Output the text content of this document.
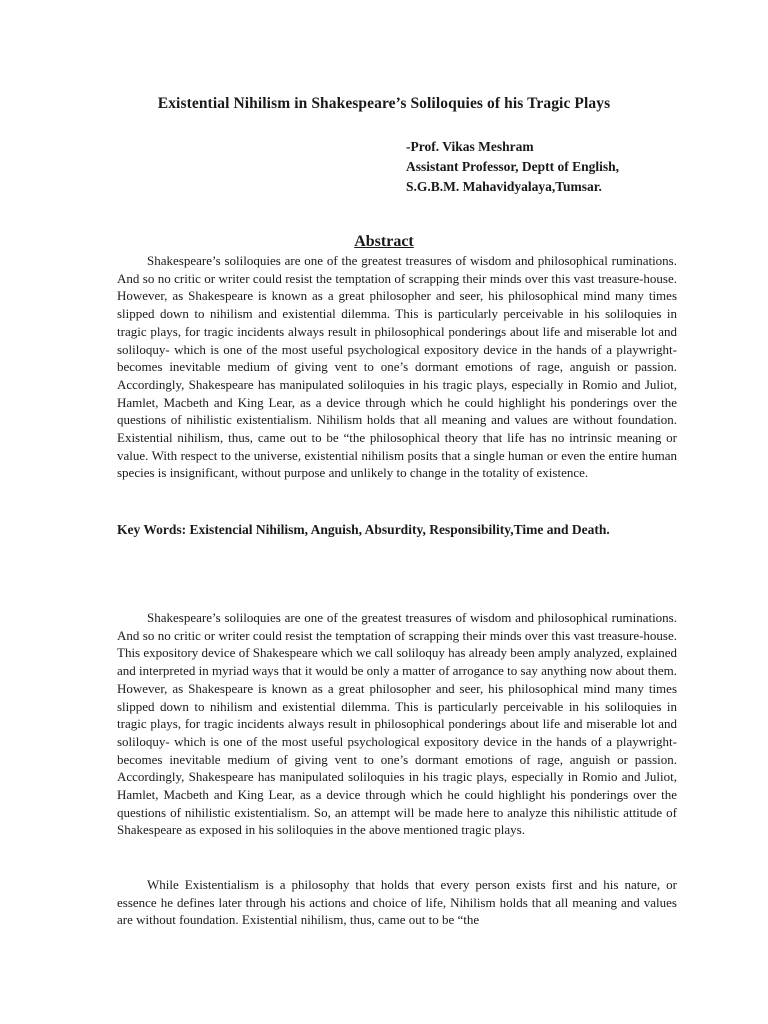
Existential Nihilism in Shakespeare’s Soliloquies of his Tragic Plays
-Prof. Vikas Meshram
Assistant Professor, Deptt of English,
S.G.B.M. Mahavidyalaya,Tumsar.
Abstract

Shakespeare’s soliloquies are one of the greatest treasures of wisdom and philosophical ruminations. And so no critic or writer could resist the temptation of scrapping their minds over this vast treasure-house. However, as Shakespeare is known as a great philosopher and seer, his philosophical mind many times slipped down to nihilism and existential dilemma. This is particularly perceivable in his soliloquies in tragic plays, for tragic incidents always result in philosophical ponderings about life and miserable lot and soliloquy- which is one of the most useful psychological expository device in the hands of a playwright- becomes inevitable medium of giving vent to one’s dormant emotions of rage, anguish or passion. Accordingly, Shakespeare has manipulated soliloquies in his tragic plays, especially in Romio and Juliot, Hamlet, Macbeth and King Lear, as a device through which he could highlight his ponderings over the questions of nihilistic existentialism. Nihilism holds that all meaning and values are without foundation. Existential nihilism, thus, came out to be “the philosophical theory that life has no intrinsic meaning or value. With respect to the universe, existential nihilism posits that a single human or even the entire human species is insignificant, without purpose and unlikely to change in the totality of existence.

Key Words: Existencial Nihilism, Anguish, Absurdity, Responsibility,Time and Death.

Shakespeare’s soliloquies are one of the greatest treasures of wisdom and philosophical ruminations. And so no critic or writer could resist the temptation of scrapping their minds over this vast treasure-house. This expository device of Shakespeare which we call soliloquy has already been amply analyzed, explained and interpreted in myriad ways that it would be only a matter of arrogance to say anything now about them. However, as Shakespeare is known as a great philosopher and seer, his philosophical mind many times slipped down to nihilism and existential dilemma. This is particularly perceivable in his soliloquies in tragic plays, for tragic incidents always result in philosophical ponderings about life and miserable lot and soliloquy- which is one of the most useful psychological expository device in the hands of a playwright- becomes inevitable medium of giving vent to one’s dormant emotions of rage, anguish or passion. Accordingly, Shakespeare has manipulated soliloquies in his tragic plays, especially in Romio and Juliot, Hamlet, Macbeth and King Lear, as a device through which he could highlight his ponderings over the questions of nihilistic existentialism. So, an attempt will be made here to analyze this nihilistic attitude of Shakespeare as exposed in his soliloquies in the above mentioned tragic plays.

While Existentialism is a philosophy that holds that every person exists first and his nature, or essence he defines later through his actions and choice of life, Nihilism holds that all meaning and values are without foundation. Existential nihilism, thus, came out to be “the
